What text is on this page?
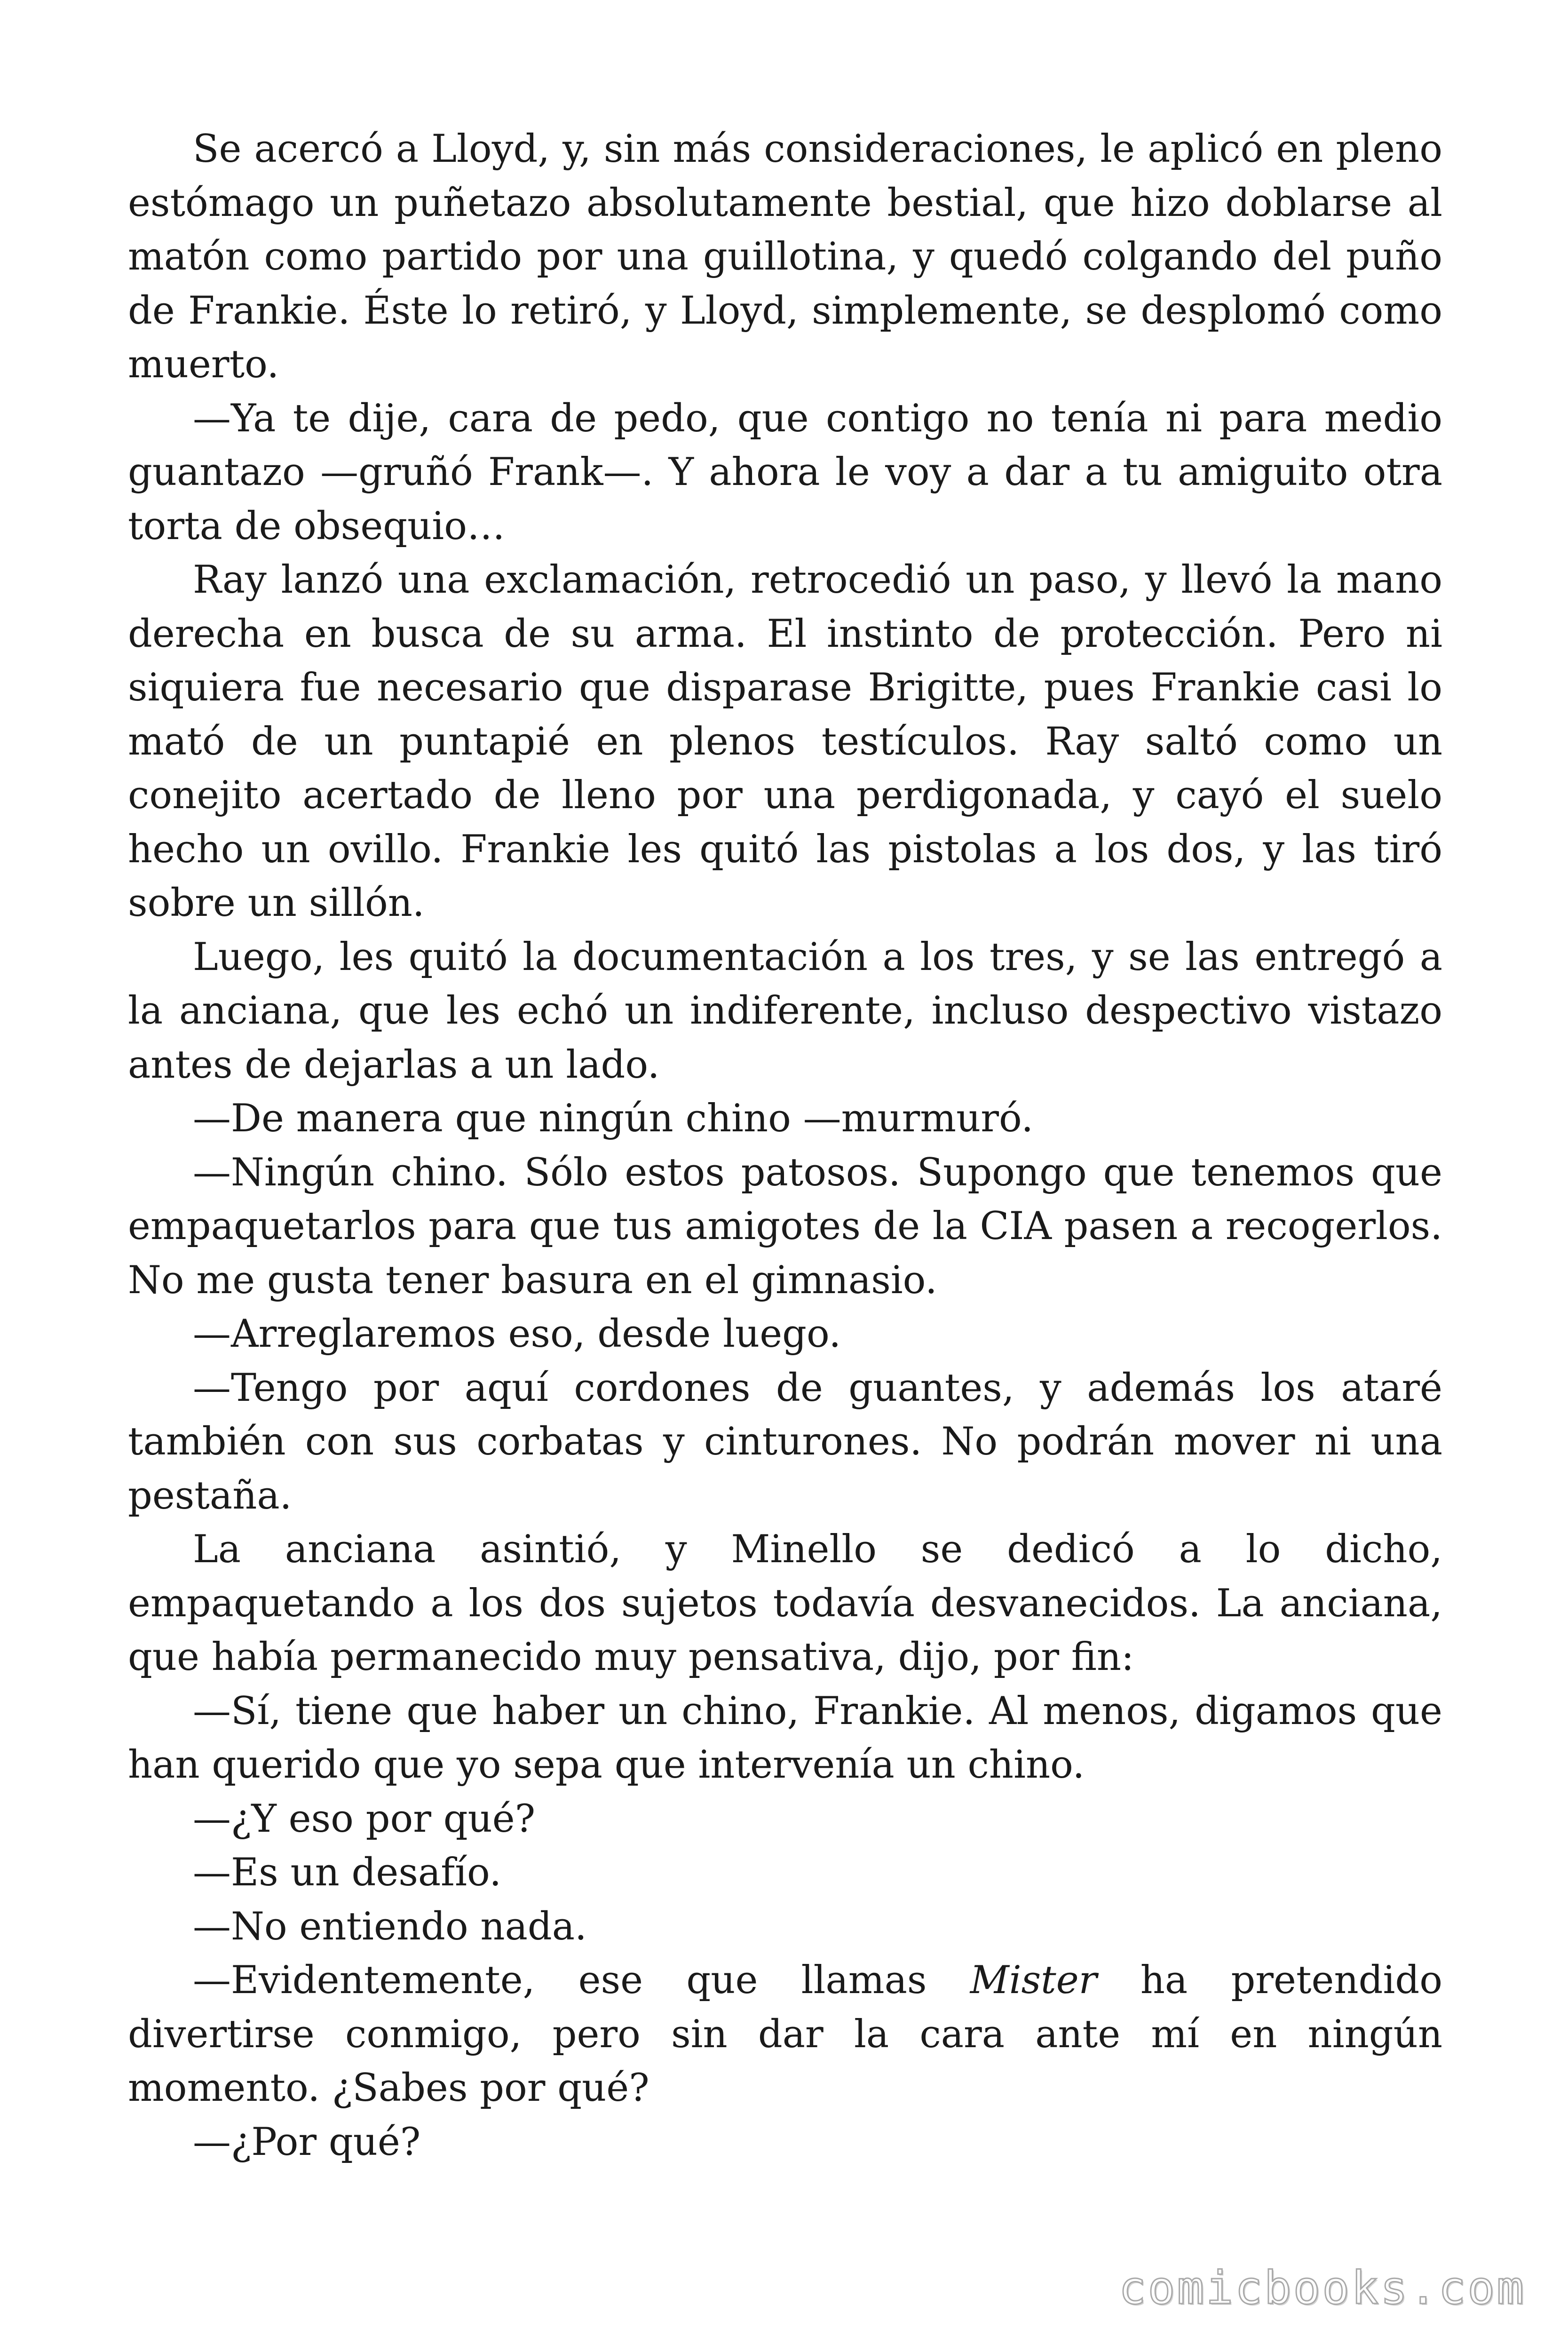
Se acercó a Lloyd, y, sin más consideraciones, le aplicó en pleno estómago un puñetazo absolutamente bestial, que hizo doblarse al matón como partido por una guillotina, y quedó colgando del puño de Frankie. Éste lo retiró, y Lloyd, simplemente, se desplomó como muerto.

—Ya te dije, cara de pedo, que contigo no tenía ni para medio guantazo —gruñó Frank—. Y ahora le voy a dar a tu amiguito otra torta de obsequio…

Ray lanzó una exclamación, retrocedió un paso, y llevó la mano derecha en busca de su arma. El instinto de protección. Pero ni siquiera fue necesario que disparase Brigitte, pues Frankie casi lo mató de un puntapié en plenos testículos. Ray saltó como un conejito acertado de lleno por una perdigonada, y cayó el suelo hecho un ovillo. Frankie les quitó las pistolas a los dos, y las tiró sobre un sillón.

Luego, les quitó la documentación a los tres, y se las entregó a la anciana, que les echó un indiferente, incluso despectivo vistazo antes de dejarlas a un lado.

—De manera que ningún chino —murmuró.

—Ningún chino. Sólo estos patosos. Supongo que tenemos que empaquetarlos para que tus amigotes de la CIA pasen a recogerlos. No me gusta tener basura en el gimnasio.

—Arreglaremos eso, desde luego.

—Tengo por aquí cordones de guantes, y además los ataré también con sus corbatas y cinturones. No podrán mover ni una pestaña.

La anciana asintió, y Minello se dedicó a lo dicho, empaquetando a los dos sujetos todavía desvanecidos. La anciana, que había permanecido muy pensativa, dijo, por fin:

—Sí, tiene que haber un chino, Frankie. Al menos, digamos que han querido que yo sepa que intervenía un chino.

—¿Y eso por qué?

—Es un desafío.

—No entiendo nada.

—Evidentemente, ese que llamas Mister ha pretendido divertirse conmigo, pero sin dar la cara ante mí en ningún momento. ¿Sabes por qué?

—¿Por qué?

comicbooks.com
